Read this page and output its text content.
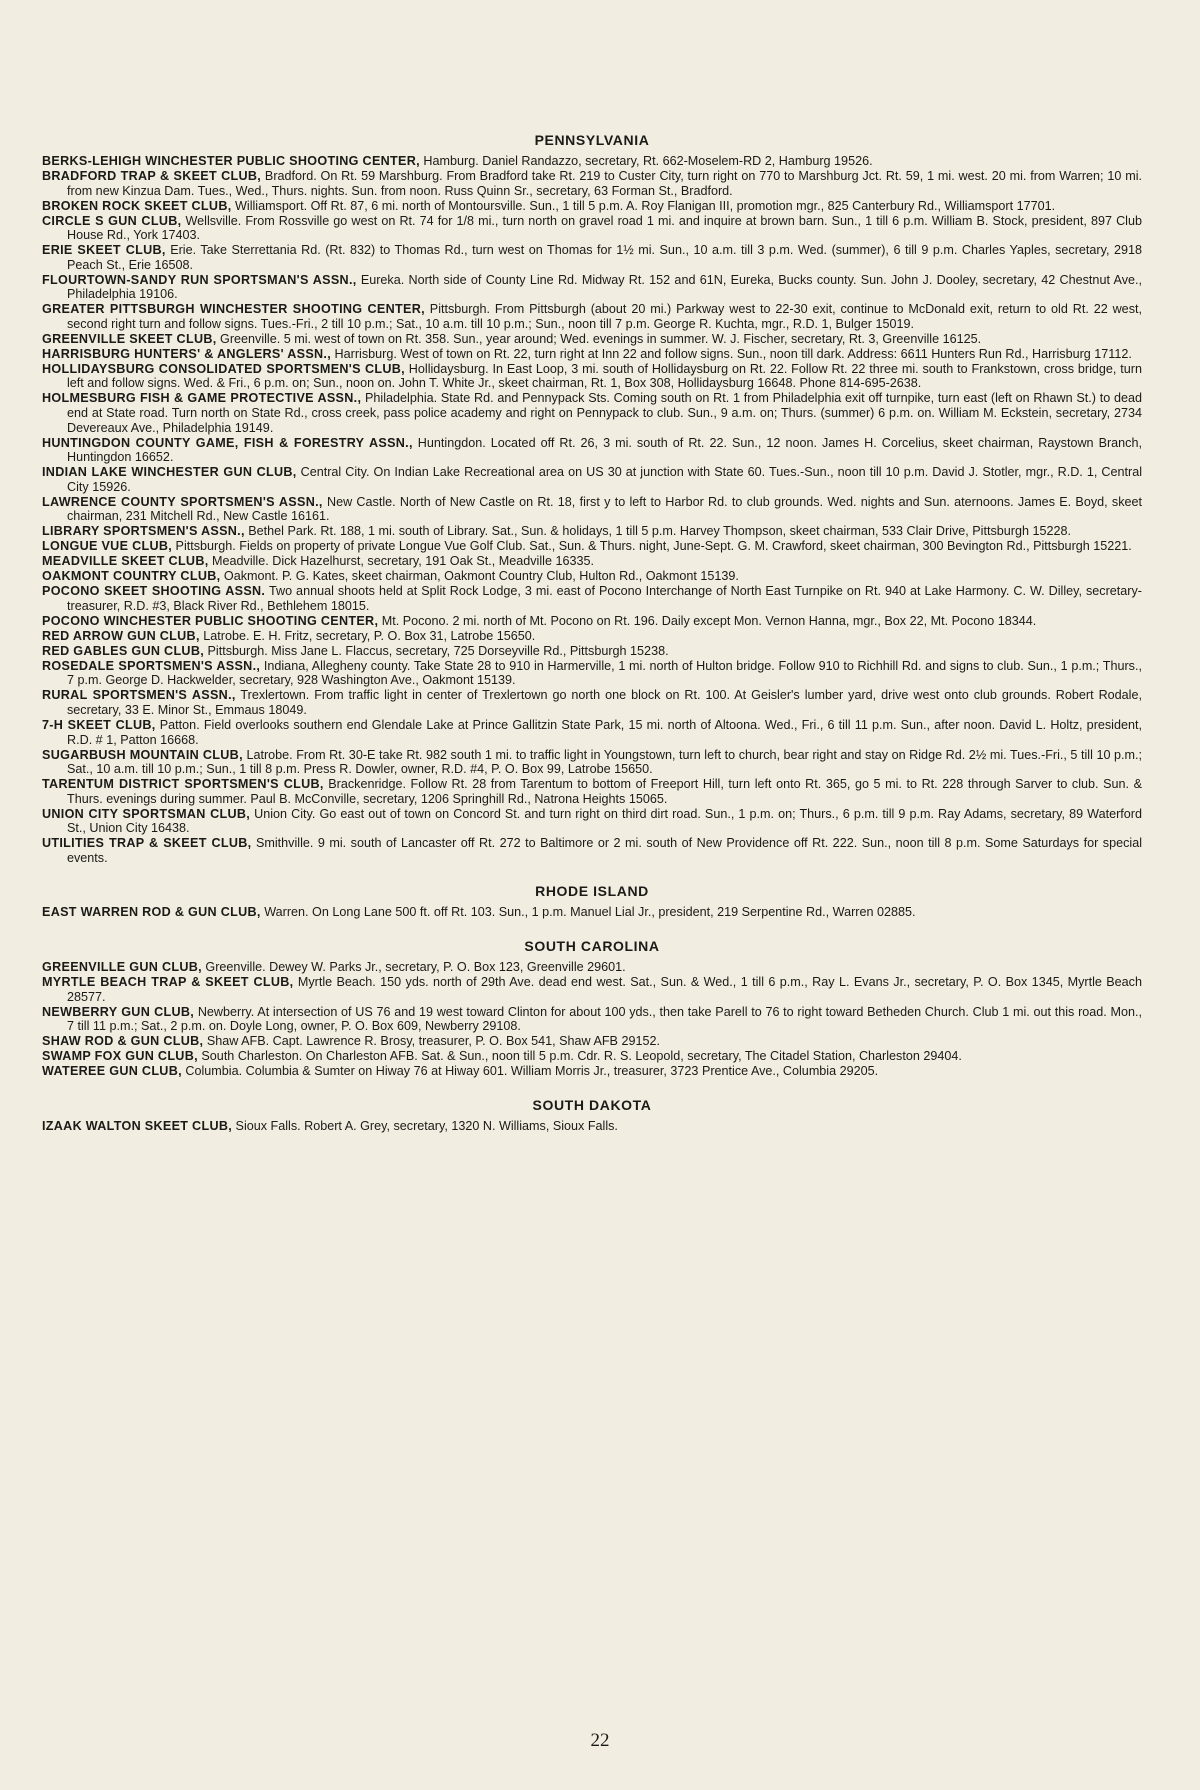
PENNSYLVANIA
BERKS-LEHIGH WINCHESTER PUBLIC SHOOTING CENTER, Hamburg. Daniel Randazzo, secretary, Rt. 662-Moselem-RD 2, Hamburg 19526.
BRADFORD TRAP & SKEET CLUB, Bradford. On Rt. 59 Marshburg. From Bradford take Rt. 219 to Custer City, turn right on 770 to Marshburg Jct. Rt. 59, 1 mi. west. 20 mi. from Warren; 10 mi. from new Kinzua Dam. Tues., Wed., Thurs. nights. Sun. from noon. Russ Quinn Sr., secretary, 63 Forman St., Bradford.
BROKEN ROCK SKEET CLUB, Williamsport. Off Rt. 87, 6 mi. north of Montoursville. Sun., 1 till 5 p.m. A. Roy Flanigan III, promotion mgr., 825 Canterbury Rd., Williamsport 17701.
CIRCLE S GUN CLUB, Wellsville. From Rossville go west on Rt. 74 for 1/8 mi., turn north on gravel road 1 mi. and inquire at brown barn. Sun., 1 till 6 p.m. William B. Stock, president, 897 Club House Rd., York 17403.
ERIE SKEET CLUB, Erie. Take Sterrettania Rd. (Rt. 832) to Thomas Rd., turn west on Thomas for 1½ mi. Sun., 10 a.m. till 3 p.m. Wed. (summer), 6 till 9 p.m. Charles Yaples, secretary, 2918 Peach St., Erie 16508.
FLOURTOWN-SANDY RUN SPORTSMAN'S ASSN., Eureka. North side of County Line Rd. Midway Rt. 152 and 61N, Eureka, Bucks county. Sun. John J. Dooley, secretary, 42 Chestnut Ave., Philadelphia 19106.
GREATER PITTSBURGH WINCHESTER SHOOTING CENTER, Pittsburgh. From Pittsburgh (about 20 mi.) Parkway west to 22-30 exit, continue to McDonald exit, return to old Rt. 22 west, second right turn and follow signs. Tues.-Fri., 2 till 10 p.m.; Sat., 10 a.m. till 10 p.m.; Sun., noon till 7 p.m. George R. Kuchta, mgr., R.D. 1, Bulger 15019.
GREENVILLE SKEET CLUB, Greenville. 5 mi. west of town on Rt. 358. Sun., year around; Wed. evenings in summer. W. J. Fischer, secretary, Rt. 3, Greenville 16125.
HARRISBURG HUNTERS' & ANGLERS' ASSN., Harrisburg. West of town on Rt. 22, turn right at Inn 22 and follow signs. Sun., noon till dark. Address: 6611 Hunters Run Rd., Harrisburg 17112.
HOLLIDAYSBURG CONSOLIDATED SPORTSMEN'S CLUB, Hollidaysburg. In East Loop, 3 mi. south of Hollidaysburg on Rt. 22. Follow Rt. 22 three mi. south to Frankstown, cross bridge, turn left and follow signs. Wed. & Fri., 6 p.m. on; Sun., noon on. John T. White Jr., skeet chairman, Rt. 1, Box 308, Hollidaysburg 16648. Phone 814-695-2638.
HOLMESBURG FISH & GAME PROTECTIVE ASSN., Philadelphia. State Rd. and Pennypack Sts. Coming south on Rt. 1 from Philadelphia exit off turnpike, turn east (left on Rhawn St.) to dead end at State road. Turn north on State Rd., cross creek, pass police academy and right on Pennypack to club. Sun., 9 a.m. on; Thurs. (summer) 6 p.m. on. William M. Eckstein, secretary, 2734 Devereaux Ave., Philadelphia 19149.
HUNTINGDON COUNTY GAME, FISH & FORESTRY ASSN., Huntingdon. Located off Rt. 26, 3 mi. south of Rt. 22. Sun., 12 noon. James H. Corcelius, skeet chairman, Raystown Branch, Huntingdon 16652.
INDIAN LAKE WINCHESTER GUN CLUB, Central City. On Indian Lake Recreational area on US 30 at junction with State 60. Tues.-Sun., noon till 10 p.m. David J. Stotler, mgr., R.D. 1, Central City 15926.
LAWRENCE COUNTY SPORTSMEN'S ASSN., New Castle. North of New Castle on Rt. 18, first y to left to Harbor Rd. to club grounds. Wed. nights and Sun. aternoons. James E. Boyd, skeet chairman, 231 Mitchell Rd., New Castle 16161.
LIBRARY SPORTSMEN'S ASSN., Bethel Park. Rt. 188, 1 mi. south of Library. Sat., Sun. & holidays, 1 till 5 p.m. Harvey Thompson, skeet chairman, 533 Clair Drive, Pittsburgh 15228.
LONGUE VUE CLUB, Pittsburgh. Fields on property of private Longue Vue Golf Club. Sat., Sun. & Thurs. night, June-Sept. G. M. Crawford, skeet chairman, 300 Bevington Rd., Pittsburgh 15221.
MEADVILLE SKEET CLUB, Meadville. Dick Hazelhurst, secretary, 191 Oak St., Meadville 16335.
OAKMONT COUNTRY CLUB, Oakmont. P. G. Kates, skeet chairman, Oakmont Country Club, Hulton Rd., Oakmont 15139.
POCONO SKEET SHOOTING ASSN. Two annual shoots held at Split Rock Lodge, 3 mi. east of Pocono Interchange of North East Turnpike on Rt. 940 at Lake Harmony. C. W. Dilley, secretary-treasurer, R.D. #3, Black River Rd., Bethlehem 18015.
POCONO WINCHESTER PUBLIC SHOOTING CENTER, Mt. Pocono. 2 mi. north of Mt. Pocono on Rt. 196. Daily except Mon. Vernon Hanna, mgr., Box 22, Mt. Pocono 18344.
RED ARROW GUN CLUB, Latrobe. E. H. Fritz, secretary, P. O. Box 31, Latrobe 15650.
RED GABLES GUN CLUB, Pittsburgh. Miss Jane L. Flaccus, secretary, 725 Dorseyville Rd., Pittsburgh 15238.
ROSEDALE SPORTSMEN'S ASSN., Indiana, Allegheny county. Take State 28 to 910 in Harmerville, 1 mi. north of Hulton bridge. Follow 910 to Richhill Rd. and signs to club. Sun., 1 p.m.; Thurs., 7 p.m. George D. Hackwelder, secretary, 928 Washington Ave., Oakmont 15139.
RURAL SPORTSMEN'S ASSN., Trexlertown. From traffic light in center of Trexlertown go north one block on Rt. 100. At Geisler's lumber yard, drive west onto club grounds. Robert Rodale, secretary, 33 E. Minor St., Emmaus 18049.
7-H SKEET CLUB, Patton. Field overlooks southern end Glendale Lake at Prince Gallitzin State Park, 15 mi. north of Altoona. Wed., Fri., 6 till 11 p.m. Sun., after noon. David L. Holtz, president, R.D. # 1, Patton 16668.
SUGARBUSH MOUNTAIN CLUB, Latrobe. From Rt. 30-E take Rt. 982 south 1 mi. to traffic light in Youngstown, turn left to church, bear right and stay on Ridge Rd. 2½ mi. Tues.-Fri., 5 till 10 p.m.; Sat., 10 a.m. till 10 p.m.; Sun., 1 till 8 p.m. Press R. Dowler, owner, R.D. #4, P. O. Box 99, Latrobe 15650.
TARENTUM DISTRICT SPORTSMEN'S CLUB, Brackenridge. Follow Rt. 28 from Tarentum to bottom of Freeport Hill, turn left onto Rt. 365, go 5 mi. to Rt. 228 through Sarver to club. Sun. & Thurs. evenings during summer. Paul B. McConville, secretary, 1206 Springhill Rd., Natrona Heights 15065.
UNION CITY SPORTSMAN CLUB, Union City. Go east out of town on Concord St. and turn right on third dirt road. Sun., 1 p.m. on; Thurs., 6 p.m. till 9 p.m. Ray Adams, secretary, 89 Waterford St., Union City 16438.
UTILITIES TRAP & SKEET CLUB, Smithville. 9 mi. south of Lancaster off Rt. 272 to Baltimore or 2 mi. south of New Providence off Rt. 222. Sun., noon till 8 p.m. Some Saturdays for special events.
RHODE ISLAND
EAST WARREN ROD & GUN CLUB, Warren. On Long Lane 500 ft. off Rt. 103. Sun., 1 p.m. Manuel Lial Jr., president, 219 Serpentine Rd., Warren 02885.
SOUTH CAROLINA
GREENVILLE GUN CLUB, Greenville. Dewey W. Parks Jr., secretary, P. O. Box 123, Greenville 29601.
MYRTLE BEACH TRAP & SKEET CLUB, Myrtle Beach. 150 yds. north of 29th Ave. dead end west. Sat., Sun. & Wed., 1 till 6 p.m., Ray L. Evans Jr., secretary, P. O. Box 1345, Myrtle Beach 28577.
NEWBERRY GUN CLUB, Newberry. At intersection of US 76 and 19 west toward Clinton for about 100 yds., then take Parell to 76 to right toward Betheden Church. Club 1 mi. out this road. Mon., 7 till 11 p.m.; Sat., 2 p.m. on. Doyle Long, owner, P. O. Box 609, Newberry 29108.
SHAW ROD & GUN CLUB, Shaw AFB. Capt. Lawrence R. Brosy, treasurer, P. O. Box 541, Shaw AFB 29152.
SWAMP FOX GUN CLUB, South Charleston. On Charleston AFB. Sat. & Sun., noon till 5 p.m. Cdr. R. S. Leopold, secretary, The Citadel Station, Charleston 29404.
WATEREE GUN CLUB, Columbia. Columbia & Sumter on Hiway 76 at Hiway 601. William Morris Jr., treasurer, 3723 Prentice Ave., Columbia 29205.
SOUTH DAKOTA
IZAAK WALTON SKEET CLUB, Sioux Falls. Robert A. Grey, secretary, 1320 N. Williams, Sioux Falls.
22
